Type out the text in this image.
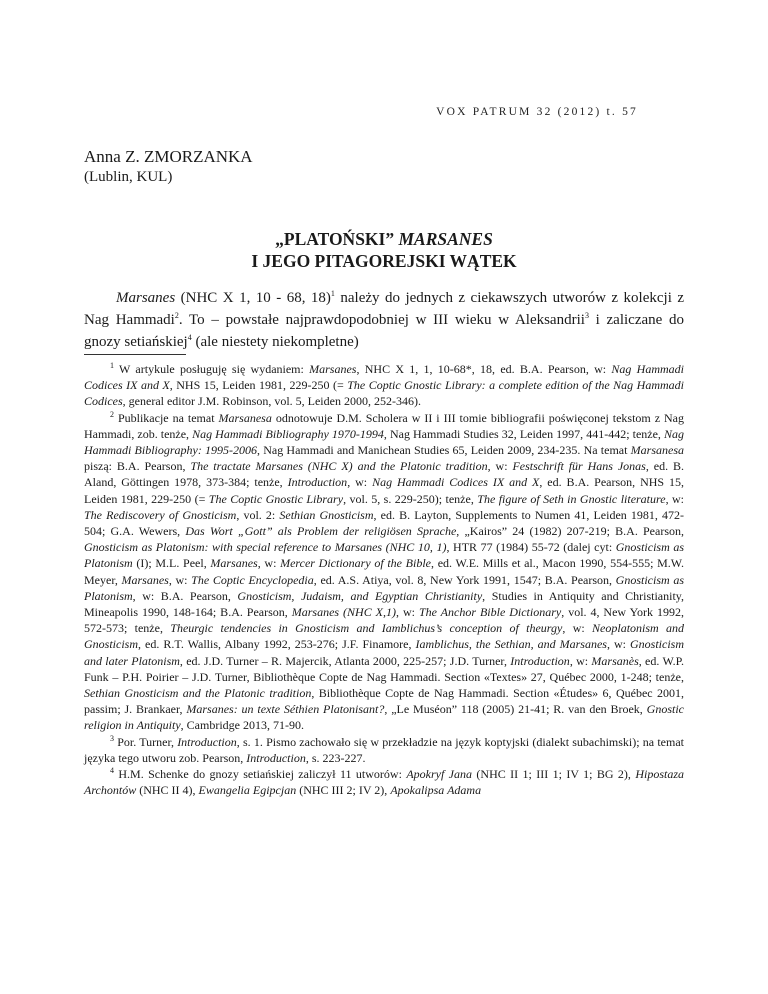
VOX PATRUM 32 (2012) t. 57
Anna Z. ZMORZANKA
(Lublin, KUL)
„PLATOŃSKI” MARSANES
I JEGO PITAGOREJSKI WĄTEK

Marsanes (NHC X 1, 10 - 68, 18)$^1$ należy do jednych z ciekawszych utworów z kolekcji z Nag Hammadi$^2$. To – powstałe najprawdopodobniej w III wieku w Aleksandrii$^3$ i zaliczane do gnozy setiańskiej$^4$ (ale niestety niekompletne)

$^1$ W artykule posługuję się wydaniem: Marsanes, NHC X 1, 1, 10-68*, 18, ed. B.A. Pearson, w: Nag Hammadi Codices IX and X, NHS 15, Leiden 1981, 229-250 (= The Coptic Gnostic Library: a complete edition of the Nag Hammadi Codices, general editor J.M. Robinson, vol. 5, Leiden 2000, 252-346).

$^2$ Publikacje na temat Marsanesa odnotowuje D.M. Scholera w II i III tomie bibliografii poświęconej tekstom z Nag Hammadi, zob. tenże, Nag Hammadi Bibliography 1970-1994, Nag Hammadi Studies 32, Leiden 1997, 441-442; tenże, Nag Hammadi Bibliography: 1995-2006, Nag Hammadi and Manichean Studies 65, Leiden 2009, 234-235. Na temat Marsanesa piszą: B.A. Pearson, The tractate Marsanes (NHC X) and the Platonic tradition, w: Festschrift für Hans Jonas, ed. B. Aland, Göttingen 1978, 373-384; tenże, Introduction, w: Nag Hammadi Codices IX and X, ed. B.A. Pearson, NHS 15, Leiden 1981, 229-250 (= The Coptic Gnostic Library, vol. 5, s. 229-250); tenże, The figure of Seth in Gnostic literature, w: The Rediscovery of Gnosticism, vol. 2: Sethian Gnosticism, ed. B. Layton, Supplements to Numen 41, Leiden 1981, 472-504; G.A. Wewers, Das Wort „Gott” als Problem der religiösen Sprache, „Kairos” 24 (1982) 207-219; B.A. Pearson, Gnosticism as Platonism: with special reference to Marsanes (NHC 10, 1), HTR 77 (1984) 55-72 (dalej cyt: Gnosticism as Platonism (I); M.L. Peel, Marsanes, w: Mercer Dictionary of the Bible, ed. W.E. Mills et al., Macon 1990, 554-555; M.W. Meyer, Marsanes, w: The Coptic Encyclopedia, ed. A.S. Atiya, vol. 8, New York 1991, 1547; B.A. Pearson, Gnosticism as Platonism, w: B.A. Pearson, Gnosticism, Judaism, and Egyptian Christianity, Studies in Antiquity and Christianity, Mineapolis 1990, 148-164; B.A. Pearson, Marsanes (NHC X,1), w: The Anchor Bible Dictionary, vol. 4, New York 1992, 572-573; tenże, Theurgic tendencies in Gnosticism and Iamblichus’s conception of theurgy, w: Neoplatonism and Gnosticism, ed. R.T. Wallis, Albany 1992, 253-276; J.F. Finamore, Iamblichus, the Sethian, and Marsanes, w: Gnosticism and later Platonism, ed. J.D. Turner – R. Majercik, Atlanta 2000, 225-257; J.D. Turner, Introduction, w: Marsanès, ed. W.P. Funk – P.H. Poirier – J.D. Turner, Bibliothèque Copte de Nag Hammadi. Section «Textes» 27, Québec 2000, 1-248; tenże, Sethian Gnosticism and the Platonic tradition, Bibliothèque Copte de Nag Hammadi. Section «Études» 6, Québec 2001, passim; J. Brankaer, Marsanes: un texte Séthien Platonisant?, „Le Muséon” 118 (2005) 21-41; R. van den Broek, Gnostic religion in Antiquity, Cambridge 2013, 71-90.

$^3$ Por. Turner, Introduction, s. 1. Pismo zachowało się w przekładzie na język koptyjski (dialekt subachimski); na temat języka tego utworu zob. Pearson, Introduction, s. 223-227.

$^4$ H.M. Schenke do gnozy setiańskiej zaliczył 11 utworów: Apokryf Jana (NHC II 1; III 1; IV 1; BG 2), Hipostaza Archontów (NHC II 4), Ewangelia Egipcjan (NHC III 2; IV 2), Apokalipsa Adama
